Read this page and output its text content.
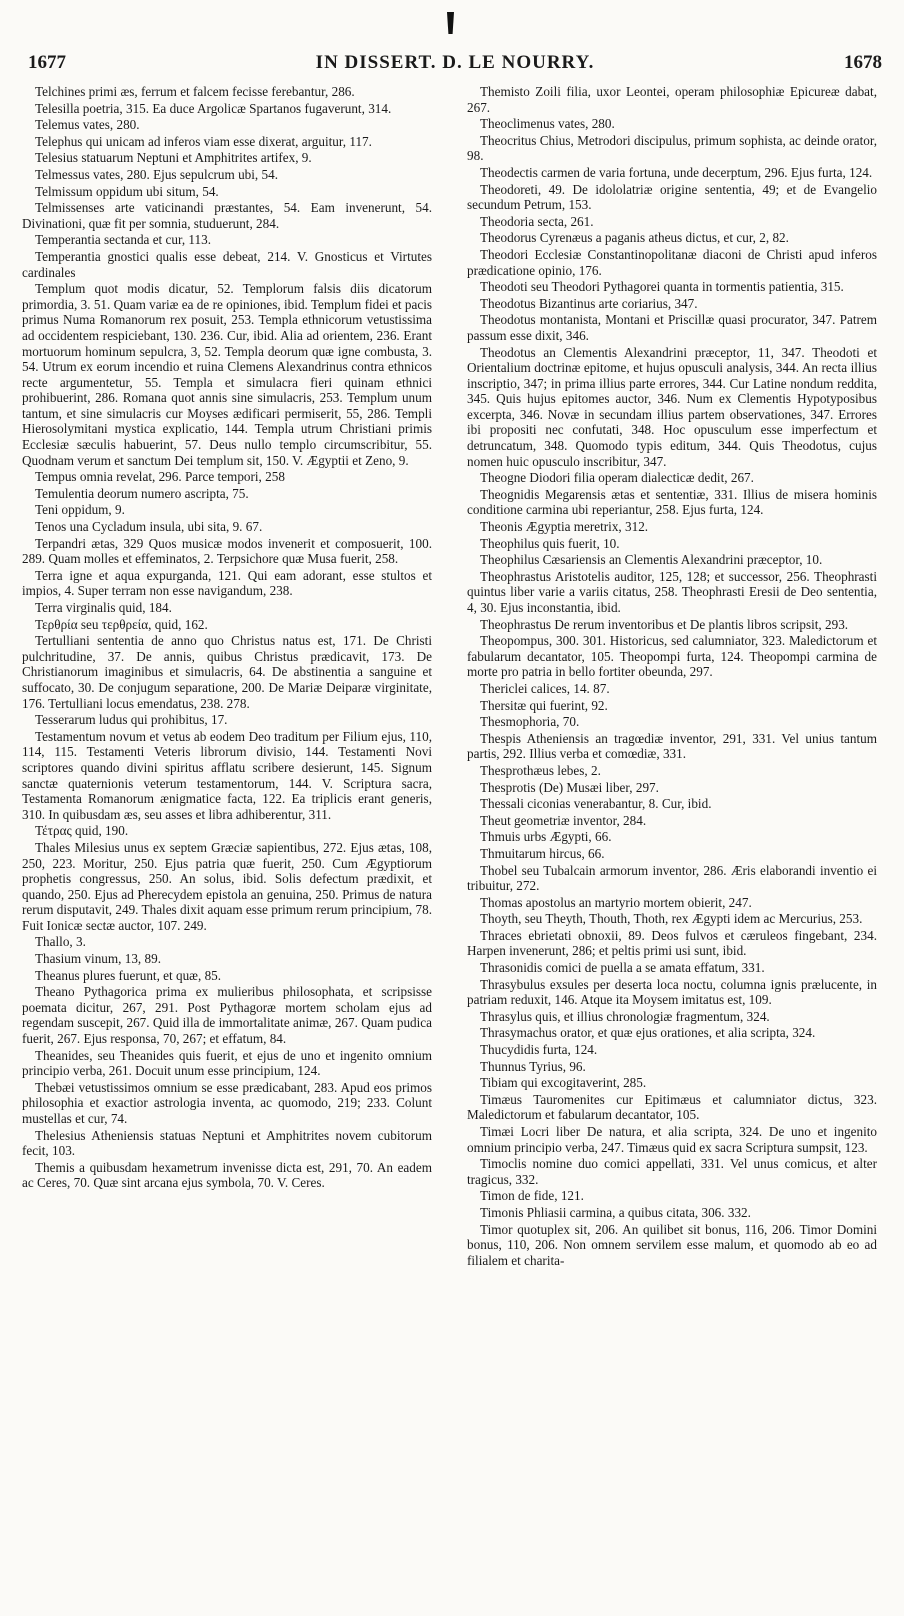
1677	IN DISSERT. D. LE NOURRY.	1678

Telchines primi æs, ferrum et falcem fecisse ferebantur, 286.

Telesilla poetria, 315. Ea duce Argolicæ Spartanos fugaverunt, 314.

Telemus vates, 280.

Telephus qui unicam ad inferos viam esse dixerat, arguitur, 117.

Telesius statuarum Neptuni et Amphitrites artifex, 9.

Telmessus vates, 280. Ejus sepulcrum ubi, 54.

Telmissum oppidum ubi situm, 54.

Telmissenses arte vaticinandi præstantes, 54. Eam invenerunt, 54. Divinationi, quæ fit per somnia, studuerunt, 284.

Temperantia sectanda et cur, 113.

Temperantia gnostici qualis esse debeat, 214. V. Gnosticus et Virtutes cardinales

Templum quot modis dicatur, 52. Templorum falsis diis dicatorum primordia, 3. 51. Quam variæ ea de re opiniones, ibid. Templum fidei et pacis primus Numa Romanorum rex posuit, 253. Templa ethnicorum vetustissima ad occidentem respiciebant, 130. 236. Cur, ibid. Alia ad orientem, 236. Erant mortuorum hominum sepulcra, 3, 52. Templa deorum quæ igne combusta, 3. 54. Utrum ex eorum incendio et ruina Clemens Alexandrinus contra ethnicos recte argumentetur, 55. Templa et simulacra fieri quinam ethnici prohibuerint, 286. Romana quot annis sine simulacris, 253. Templum unum tantum, et sine simulacris cur Moyses ædificari permiserit, 55, 286. Templi Hierosolymitani mystica explicatio, 144. Templa utrum Christiani primis Ecclesiæ sæculis habuerint, 57. Deus nullo templo circumscribitur, 55. Quodnam verum et sanctum Dei templum sit, 150. V. Ægyptii et Zeno, 9.

Tempus omnia revelat, 296. Parce tempori, 258

Temulentia deorum numero ascripta, 75.

Teni oppidum, 9.

Tenos una Cycladum insula, ubi sita, 9. 67.

Terpandri ætas, 329 Quos musicæ modos invenerit et composuerit, 100. 289. Quam molles et effeminatos, 2. Terpsichore quæ Musa fuerit, 258.

Terra igne et aqua expurganda, 121. Qui eam adorant, esse stultos et impios, 4. Super terram non esse navigandum, 238.

Terra virginalis quid, 184.

Τερθρία seu τερθρεία, quid, 162.

Tertulliani sententia de anno quo Christus natus est, 171. De Christi pulchritudine, 37. De annis, quibus Christus prædicavit, 173. De Christianorum imaginibus et simulacris, 64. De abstinentia a sanguine et suffocato, 30. De conjugum separatione, 200. De Mariæ Deiparæ virginitate, 176. Tertulliani locus emendatus, 238. 278.

Tesserarum ludus qui prohibitus, 17.

Testamentum novum et vetus ab eodem Deo traditum per Filium ejus, 110, 114, 115. Testamenti Veteris librorum divisio, 144. Testamenti Novi scriptores quando divini spiritus afflatu scribere desierunt, 145. Signum sanctæ quaternionis veterum testamentorum, 144. V. Scriptura sacra, Testamenta Romanorum ænigmatice facta, 122. Ea triplicis erant generis, 310. In quibusdam æs, seu asses et libra adhiberentur, 311.

Τέτρας quid, 190.

Thales Milesius unus ex septem Græciæ sapientibus, 272. Ejus ætas, 108, 250, 223. Moritur, 250. Ejus patria quæ fuerit, 250. Cum Ægyptiorum prophetis congressus, 250. An solus, ibid. Solis defectum prædixit, et quando, 250. Ejus ad Pherecydem epistola an genuina, 250. Primus de natura rerum disputavit, 249. Thales dixit aquam esse primum rerum principium, 78. Fuit Ionicæ sectæ auctor, 107. 249.

Thallo, 3.

Thasium vinum, 13, 89.

Theanus plures fuerunt, et quæ, 85.

Theano Pythagorica prima ex mulieribus philosophata, et scripsisse poemata dicitur, 267, 291. Post Pythagoræ mortem scholam ejus ad regendam suscepit, 267. Quid illa de immortalitate animæ, 267. Quam pudica fuerit, 267. Ejus responsa, 70, 267; et effatum, 84.

Theanides, seu Theanides quis fuerit, et ejus de uno et ingenito omnium principio verba, 261. Docuit unum esse principium, 124.

Thebæi vetustissimos omnium se esse prædicabant, 283. Apud eos primos philosophia et exactior astrologia inventa, ac quomodo, 219; 233. Colunt mustellas et cur, 74.

Thelesius Atheniensis statuas Neptuni et Amphitrites novem cubitorum fecit, 103.

Themis a quibusdam hexametrum invenisse dicta est, 291, 70. An eadem ac Ceres, 70. Quæ sint arcana ejus symbola, 70. V. Ceres.

Themisto Zoili filia, uxor Leontei, operam philosophiæ Epicureæ dabat, 267.

Theoclimenus vates, 280.

Theocritus Chius, Metrodori discipulus, primum sophista, ac deinde orator, 98.

Theodectis carmen de varia fortuna, unde decerptum, 296. Ejus furta, 124.

Theodoreti, 49. De idololatriæ origine sententia, 49; et de Evangelio secundum Petrum, 153.

Theodoria secta, 261.

Theodorus Cyrenæus a paganis atheus dictus, et cur, 2, 82.

Theodori Ecclesiæ Constantinopolitanæ diaconi de Christi apud inferos prædicatione opinio, 176.

Theodoti seu Theodori Pythagorei quanta in tormentis patientia, 315.

Theodotus Bizantinus arte coriarius, 347.

Theodotus montanista, Montani et Priscillæ quasi procurator, 347. Patrem passum esse dixit, 346.

Theodotus an Clementis Alexandrini præceptor, 11, 347. Theodoti et Orientalium doctrinæ epitome, et hujus opusculi analysis, 344. An recta illius inscriptio, 347; in prima illius parte errores, 344. Cur Latine nondum reddita, 345. Quis hujus epitomes auctor, 346. Num ex Clementis Hypotyposibus excerpta, 346. Novæ in secundam illius partem observationes, 347. Errores ibi propositi nec confutati, 348. Hoc opusculum esse imperfectum et detruncatum, 348. Quomodo typis editum, 344. Quis Theodotus, cujus nomen huic opusculo inscribitur, 347.

Theogne Diodori filia operam dialecticæ dedit, 267.

Theognidis Megarensis ætas et sententiæ, 331. Illius de misera hominis conditione carmina ubi reperiantur, 258. Ejus furta, 124.

Theonis Ægyptia meretrix, 312.

Theophilus quis fuerit, 10.

Theophilus Cæsariensis an Clementis Alexandrini præceptor, 10.

Theophrastus Aristotelis auditor, 125, 128; et successor, 256. Theophrasti quintus liber varie a variis citatus, 258. Theophrasti Eresii de Deo sententia, 4, 30. Ejus inconstantia, ibid.

Theophrastus De rerum inventoribus et De plantis libros scripsit, 293.

Theopompus, 300. 301. Historicus, sed calumniator, 323. Maledictorum et fabularum decantator, 105. Theopompi furta, 124. Theopompi carmina de morte pro patria in bello fortiter obeunda, 297.

Thericlei calices, 14. 87.

Thersitæ qui fuerint, 92.

Thesmophoria, 70.

Thespis Atheniensis an tragœdiæ inventor, 291, 331. Vel unius tantum partis, 292. Illius verba et comœdiæ, 331.

Thesprothæus lebes, 2.

Thesprotis (De) Musæi liber, 297.

Thessali ciconias venerabantur, 8. Cur, ibid.

Theut geometriæ inventor, 284.

Thmuis urbs Ægypti, 66.

Thmuitarum hircus, 66.

Thobel seu Tubalcain armorum inventor, 286. Æris elaborandi inventio ei tribuitur, 272.

Thomas apostolus an martyrio mortem obierit, 247.

Thoyth, seu Theyth, Thouth, Thoth, rex Ægypti idem ac Mercurius, 253.

Thraces ebrietati obnoxii, 89. Deos fulvos et cæruleos fingebant, 234. Harpen invenerunt, 286; et peltis primi usi sunt, ibid.

Thrasonidis comici de puella a se amata effatum, 331.

Thrasybulus exsules per deserta loca noctu, columna ignis prælucente, in patriam reduxit, 146. Atque ita Moysem imitatus est, 109.

Thrasylus quis, et illius chronologiæ fragmentum, 324.

Thrasymachus orator, et quæ ejus orationes, et alia scripta, 324.

Thucydidis furta, 124.

Thunnus Tyrius, 96.

Tibiam qui excogitaverint, 285.

Timæus Tauromenites cur Epitimæus et calumniator dictus, 323. Maledictorum et fabularum decantator, 105.

Timæi Locri liber De natura, et alia scripta, 324. De uno et ingenito omnium principio verba, 247. Timæus quid ex sacra Scriptura sumpsit, 123.

Timoclis nomine duo comici appellati, 331. Vel unus comicus, et alter tragicus, 332.

Timon de fide, 121.

Timonis Phliasii carmina, a quibus citata, 306. 332.

Timor quotuplex sit, 206. An quilibet sit bonus, 116, 206. Timor Domini bonus, 110, 206. Non omnem servilem esse malum, et quomodo ab eo ad filialem et charita-
